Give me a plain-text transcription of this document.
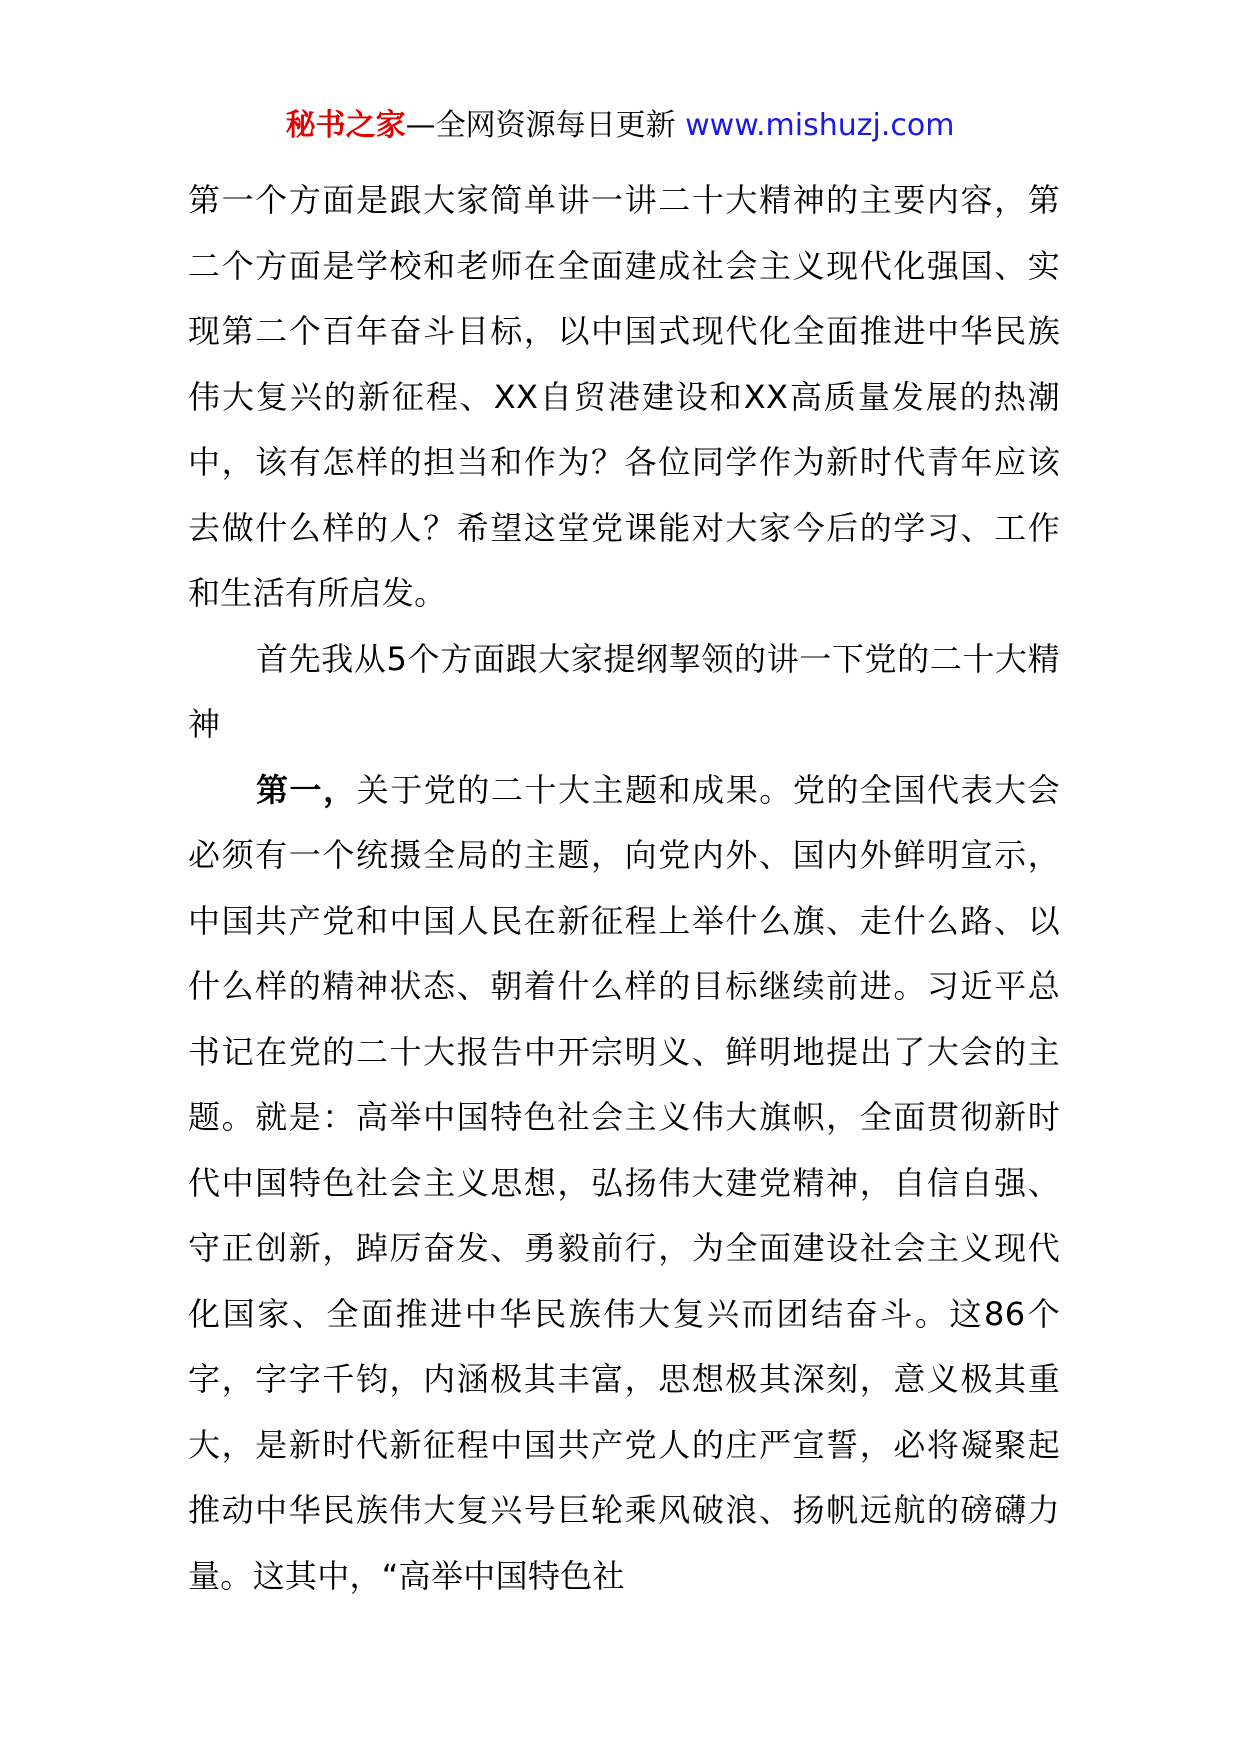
秘书之家—全网资源每日更新 www.mishuzj.com

第一个方面是跟大家简单讲一讲二十大精神的主要内容，第二个方面是学校和老师在全面建成社会主义现代化强国、实现第二个百年奋斗目标，以中国式现代化全面推进中华民族伟大复兴的新征程、XX自贸港建设和XX高质量发展的热潮中，该有怎样的担当和作为？各位同学作为新时代青年应该去做什么样的人？希望这堂党课能对大家今后的学习、工作和生活有所启发。

首先我从5个方面跟大家提纲挈领的讲一下党的二十大精神

第一，关于党的二十大主题和成果。党的全国代表大会必须有一个统摄全局的主题，向党内外、国内外鲜明宣示，中国共产党和中国人民在新征程上举什么旗、走什么路、以什么样的精神状态、朝着什么样的目标继续前进。习近平总书记在党的二十大报告中开宗明义、鲜明地提出了大会的主题。就是：高举中国特色社会主义伟大旗帜，全面贯彻新时代中国特色社会主义思想，弘扬伟大建党精神，自信自强、守正创新，踔厉奋发、勇毅前行，为全面建设社会主义现代化国家、全面推进中华民族伟大复兴而团结奋斗。这86个字，字字千钧，内涵极其丰富，思想极其深刻，意义极其重大，是新时代新征程中国共产党人的庄严宣誓，必将凝聚起推动中华民族伟大复兴号巨轮乘风破浪、扬帆远航的磅礴力量。这其中，“高举中国特色社
